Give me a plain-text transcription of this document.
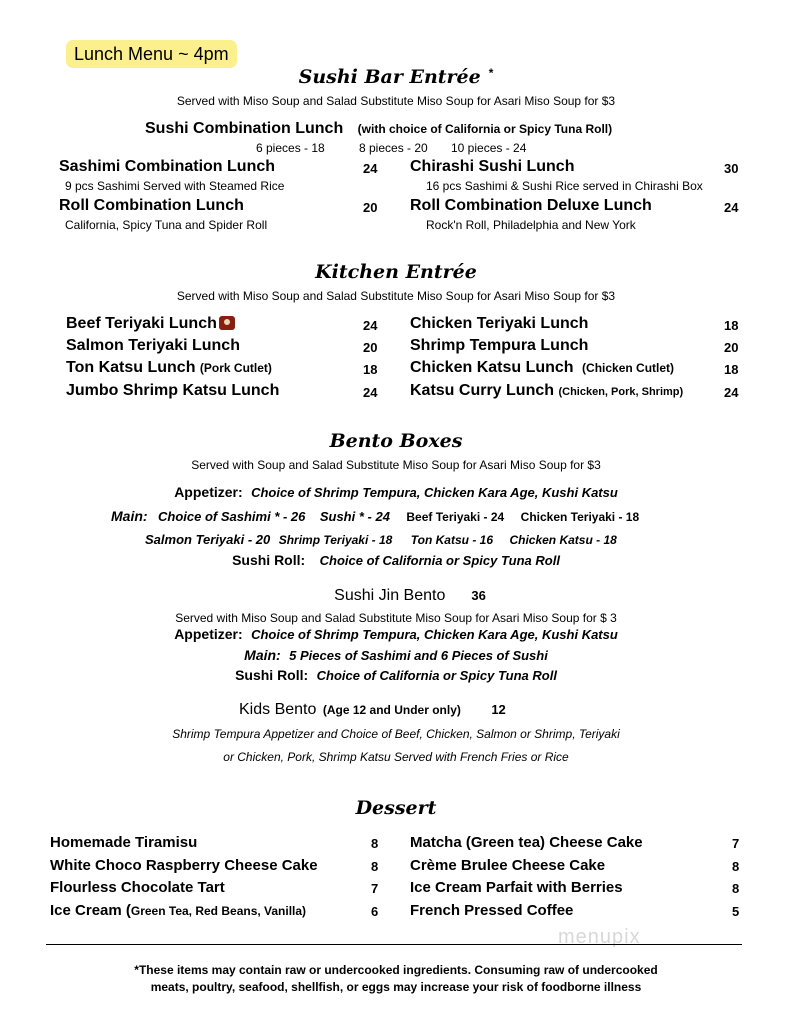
Lunch Menu ~ 4pm
Sushi Bar Entrée *
Served with Miso Soup and Salad Substitute Miso Soup for Asari Miso Soup for $3
Sushi Combination Lunch (with choice of California or Spicy Tuna Roll)
6 pieces - 18	8 pieces - 20 10 pieces - 24
Sashimi Combination Lunch	24
9 pcs Sashimi Served with Steamed Rice
Chirashi Sushi Lunch	30
16 pcs Sashimi & Sushi Rice served in Chirashi Box
Roll Combination Lunch	20
California, Spicy Tuna and Spider Roll
Roll Combination Deluxe Lunch	24
Rock'n Roll, Philadelphia and New York
Kitchen Entrée
Served with Miso Soup and Salad Substitute Miso Soup for Asari Miso Soup for $3
Beef Teriyaki Lunch	24 Chicken Teriyaki Lunch	18
Salmon Teriyaki Lunch	20 Shrimp Tempura Lunch	20
Ton Katsu Lunch (Pork Cutlet)	18 Chicken Katsu Lunch (Chicken Cutlet)	18
Jumbo Shrimp Katsu Lunch	24 Katsu Curry Lunch (Chicken, Pork, Shrimp)	24
Bento Boxes
Served with Soup and Salad Substitute Miso Soup for Asari Miso Soup for $3
Appetizer: Choice of Shrimp Tempura, Chicken Kara Age, Kushi Katsu
Main: Choice of Sashimi * - 26 Sushi * - 24 Beef Teriyaki - 24 Chicken Teriyaki - 18
Salmon Teriyaki - 20 Shrimp Teriyaki - 18 Ton Katsu - 16 Chicken Katsu - 18
Sushi Roll: Choice of California or Spicy Tuna Roll
Sushi Jin Bento 36
Served with Miso Soup and Salad Substitute Miso Soup for Asari Miso Soup for $ 3
Appetizer: Choice of Shrimp Tempura, Chicken Kara Age, Kushi Katsu
Main: 5 Pieces of Sashimi and 6 Pieces of Sushi
Sushi Roll: Choice of California or Spicy Tuna Roll
Kids Bento (Age 12 and Under only) 12
Shrimp Tempura Appetizer and Choice of Beef, Chicken, Salmon or Shrimp, Teriyaki
or Chicken, Pork, Shrimp Katsu Served with French Fries or Rice
Dessert
Homemade Tiramisu	8 Matcha (Green tea) Cheese Cake	7
White Choco Raspberry Cheese Cake	8 Crème Brulee Cheese Cake	8
Flourless Chocolate Tart	7 Ice Cream Parfait with Berries	8
Ice Cream (Green Tea, Red Beans, Vanilla)	6 French Pressed Coffee	5
menupix
*These items may contain raw or undercooked ingredients. Consuming raw of undercooked
meats, poultry, seafood, shellfish, or eggs may increase your risk of foodborne illness
